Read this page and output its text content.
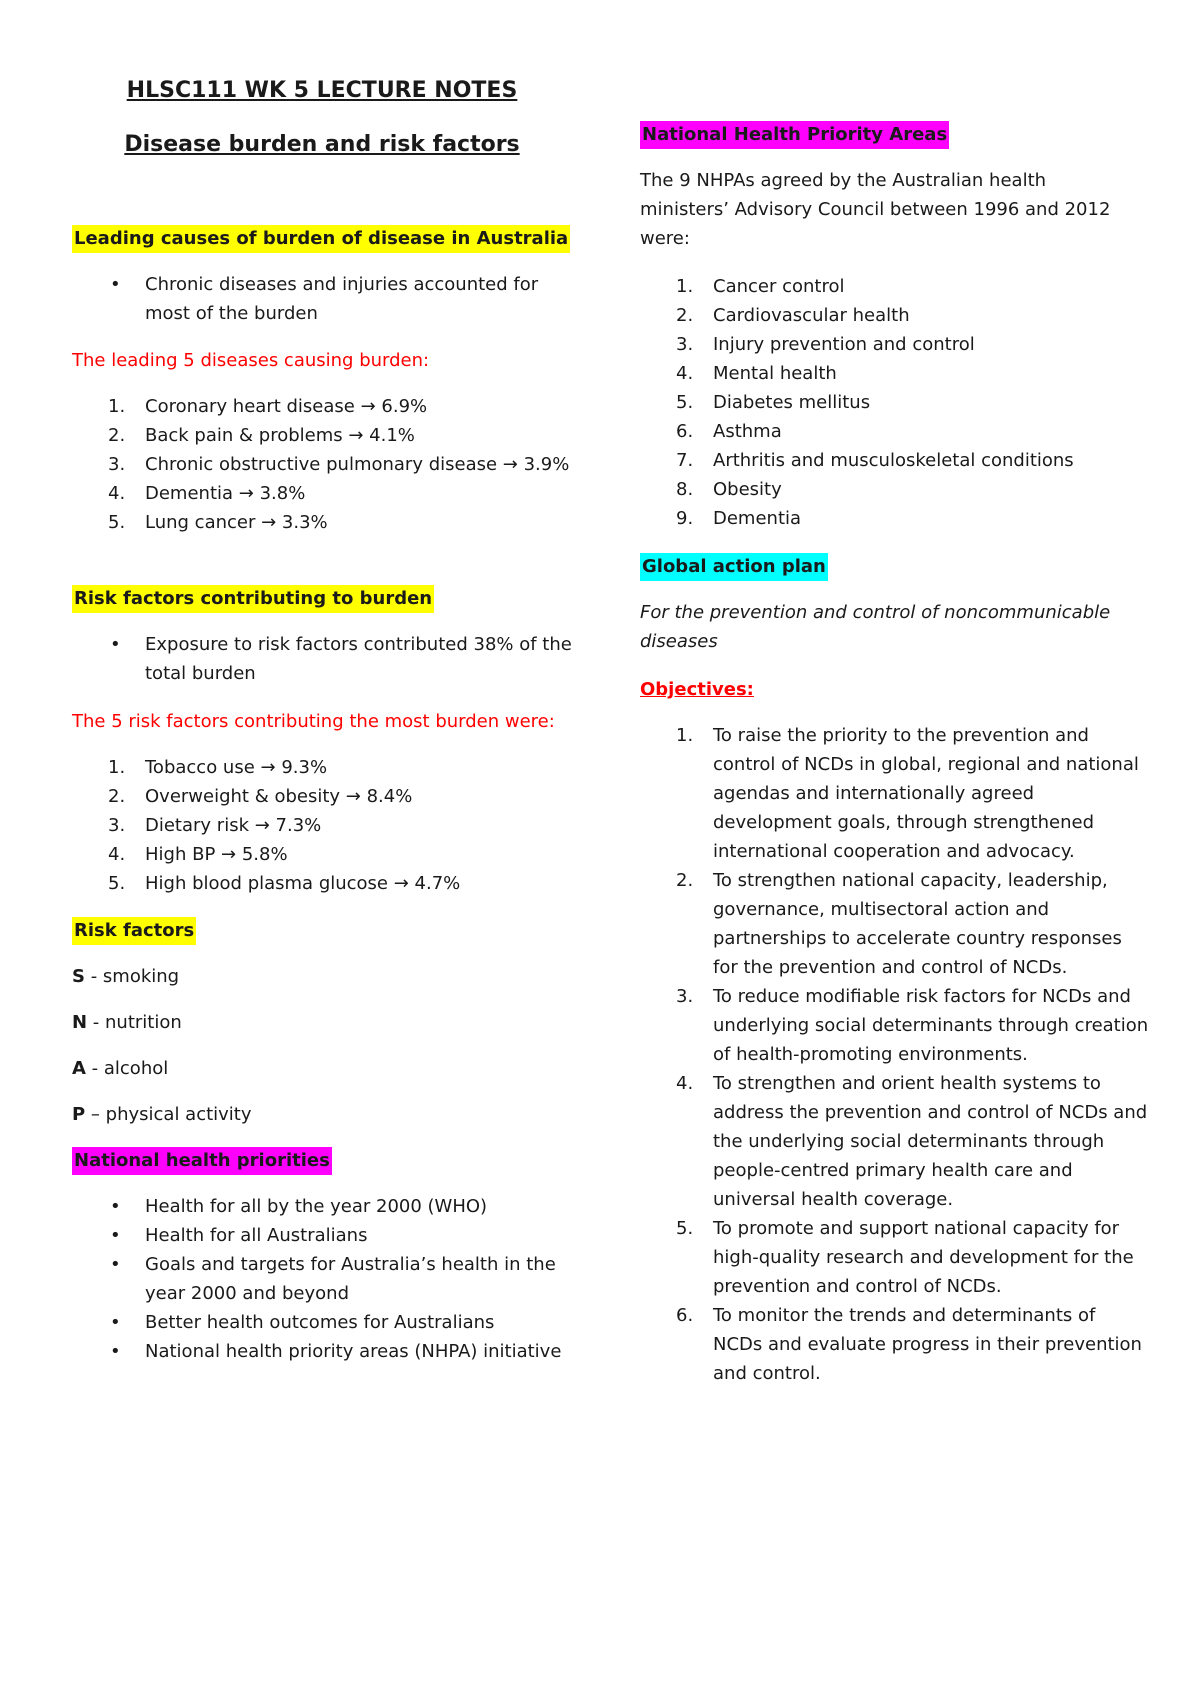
HLSC111 WK 5 LECTURE NOTES
Disease burden and risk factors
Leading causes of burden of disease in Australia
• Chronic diseases and injuries accounted for most of the burden
The leading 5 diseases causing burden:
1.	Coronary heart disease → 6.9%
2.	Back pain & problems → 4.1%
3.	Chronic obstructive pulmonary disease → 3.9%
4.	Dementia → 3.8%
5.	Lung cancer → 3.3%
Risk factors contributing to burden
• Exposure to risk factors contributed 38% of the total burden
The 5 risk factors contributing the most burden were:
1.	Tobacco use → 9.3%
2.	Overweight & obesity → 8.4%
3.	Dietary risk → 7.3%
4.	High BP → 5.8%
5.	High blood plasma glucose → 4.7%
Risk factors
S - smoking
N - nutrition
A - alcohol
P – physical activity
National health priorities
• Health for all by the year 2000 (WHO)
• Health for all Australians
• Goals and targets for Australia’s health in the year 2000 and beyond
• Better health outcomes for Australians
• National health priority areas (NHPA) initiative
National Health Priority Areas
The 9 NHPAs agreed by the Australian health ministers’ Advisory Council between 1996 and 2012 were:
1.	Cancer control
2.	Cardiovascular health
3.	Injury prevention and control
4.	Mental health
5.	Diabetes mellitus
6.	Asthma
7.	Arthritis and musculoskeletal conditions
8.	Obesity
9.	Dementia
Global action plan
For the prevention and control of noncommunicable diseases
Objectives:
1.	To raise the priority to the prevention and control of NCDs in global, regional and national agendas and internationally agreed development goals, through strengthened international cooperation and advocacy.
2.	To strengthen national capacity, leadership, governance, multisectoral action and partnerships to accelerate country responses for the prevention and control of NCDs.
3.	To reduce modifiable risk factors for NCDs and underlying social determinants through creation of health-promoting environments.
4.	To strengthen and orient health systems to address the prevention and control of NCDs and the underlying social determinants through people-centred primary health care and universal health coverage.
5.	To promote and support national capacity for high-quality research and development for the prevention and control of NCDs.
6.	To monitor the trends and determinants of NCDs and evaluate progress in their prevention and control.
